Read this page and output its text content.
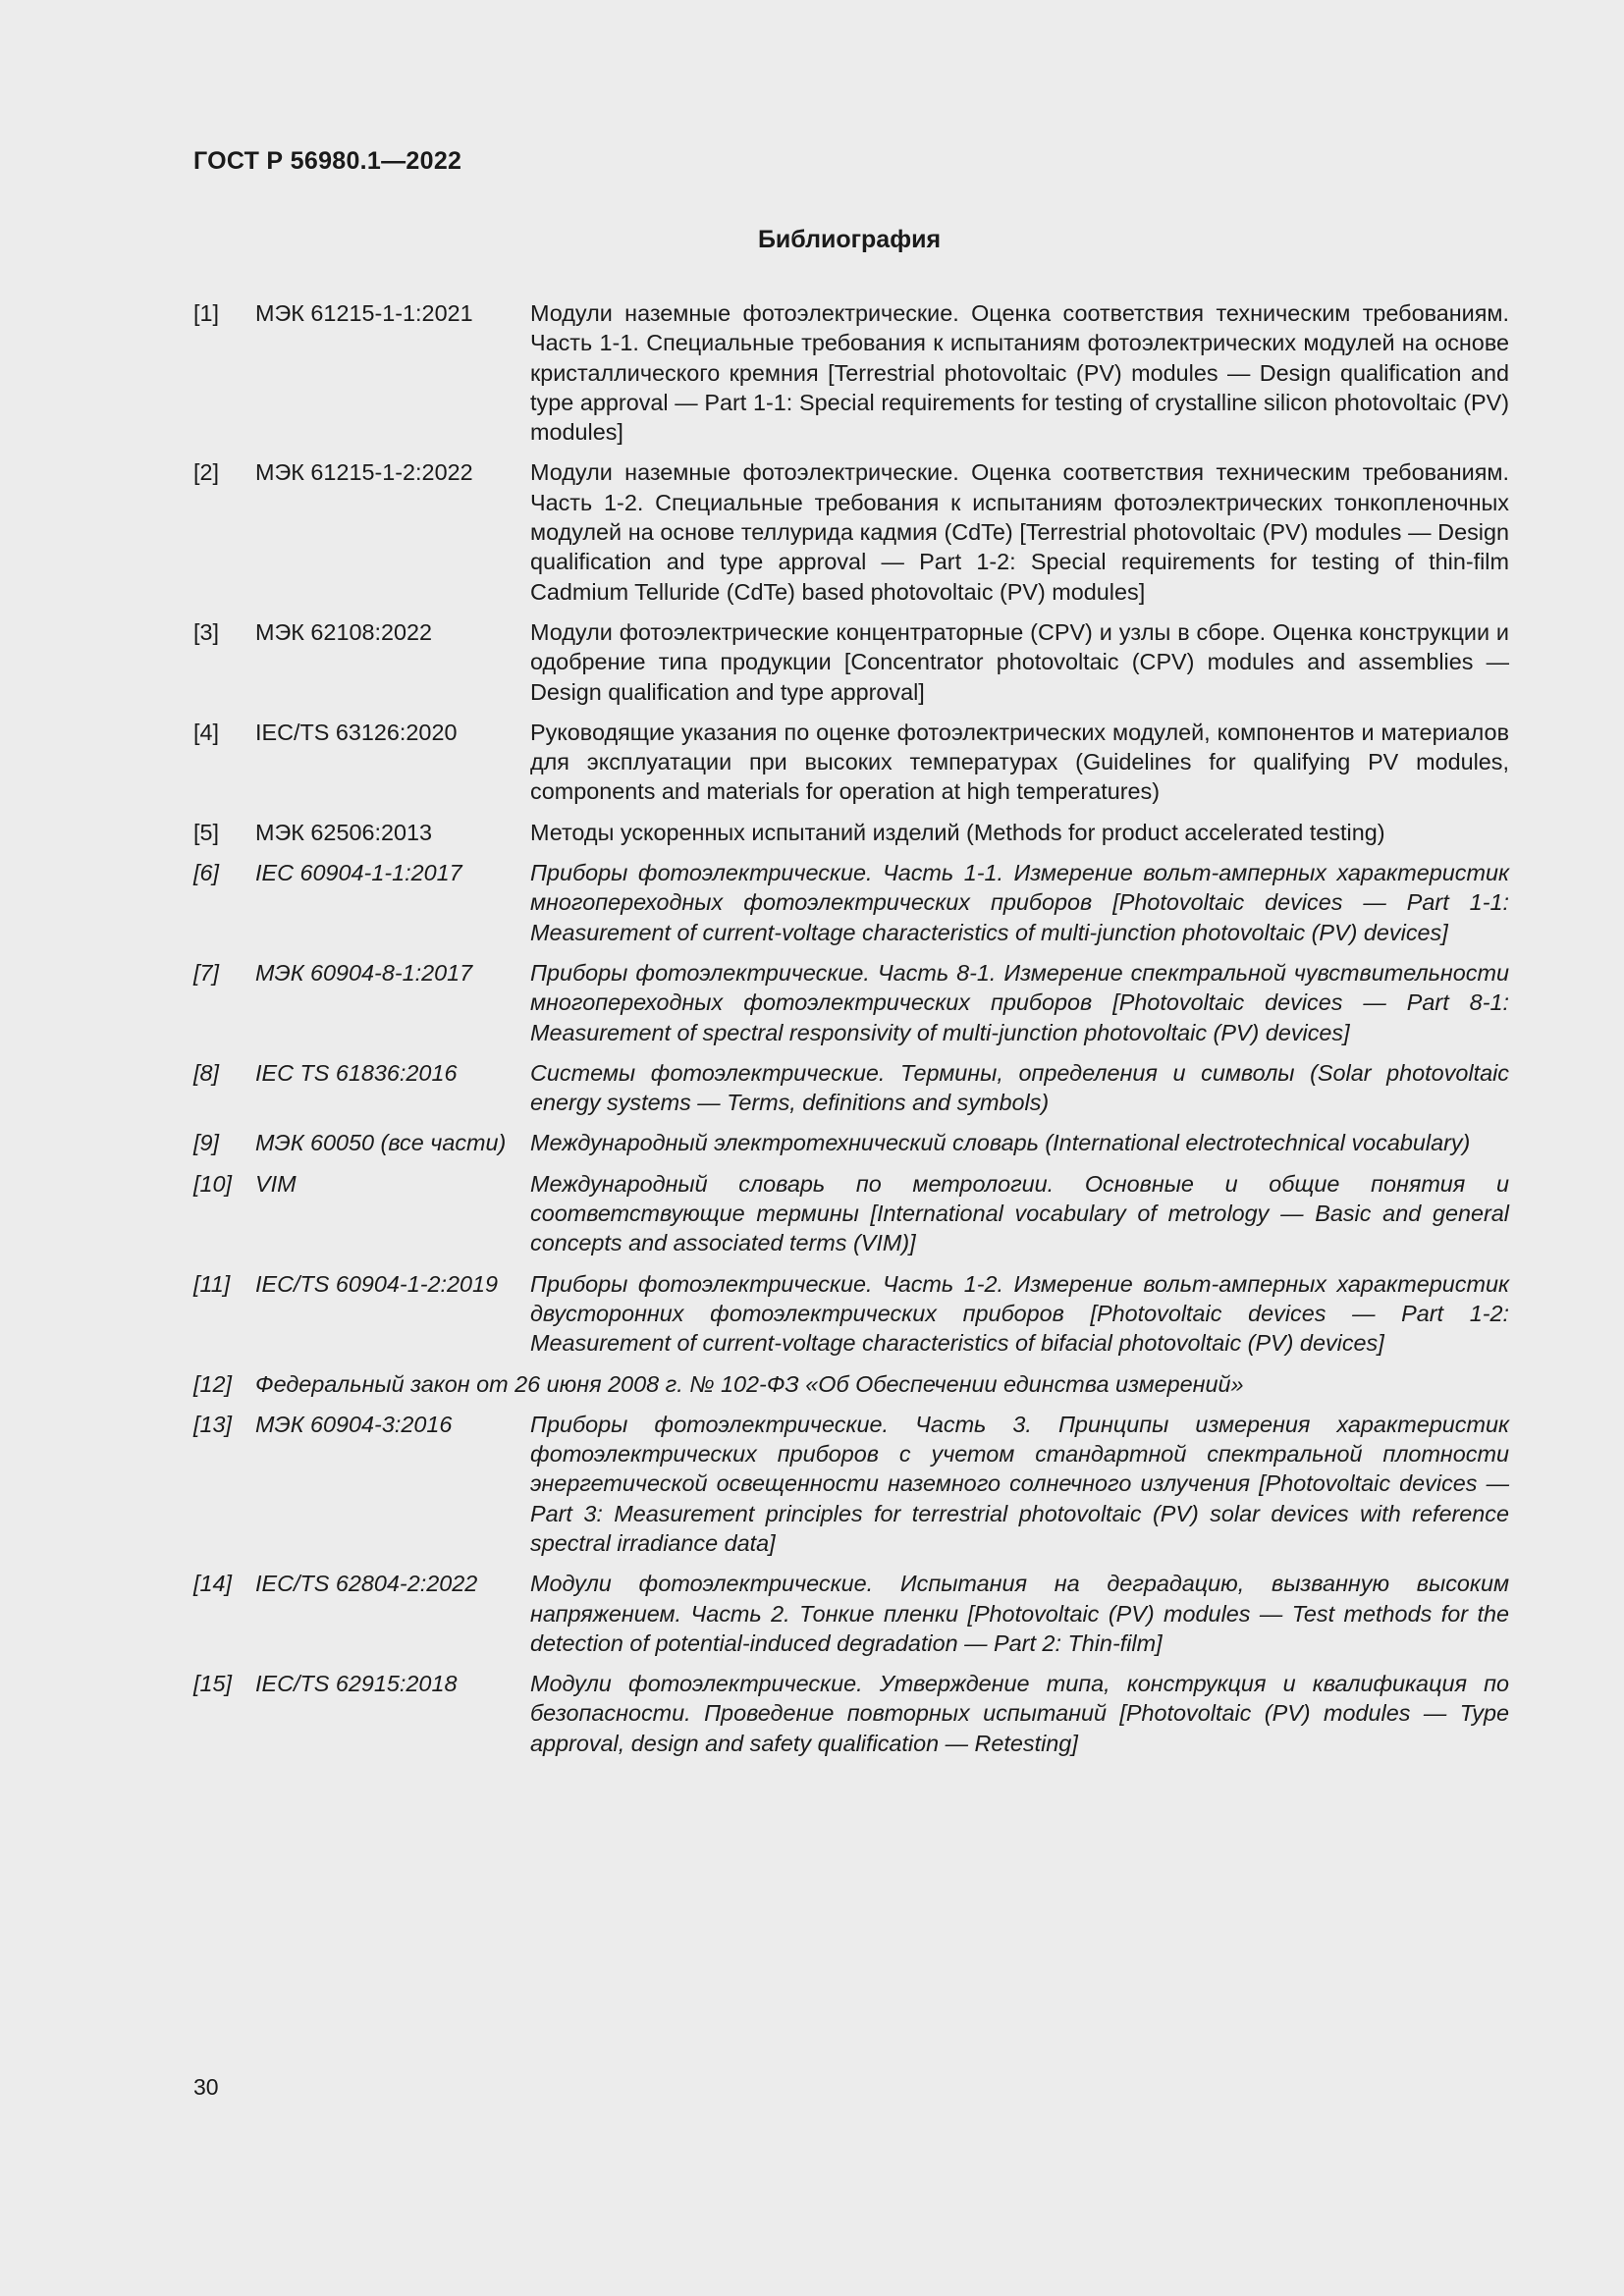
ГОСТ Р 56980.1—2022
Библиография
[1]	МЭК 61215-1-1:2021	Модули наземные фотоэлектрические. Оценка соответствия техническим требованиям. Часть 1-1. Специальные требования к испытаниям фотоэлектрических модулей на основе кристаллического кремния [Terrestrial photovoltaic (PV) modules — Design qualification and type approval — Part 1-1: Special requirements for testing of crystalline silicon photovoltaic (PV) modules]
[2]	МЭК 61215-1-2:2022	Модули наземные фотоэлектрические. Оценка соответствия техническим требованиям. Часть 1-2. Специальные требования к испытаниям фотоэлектрических тонкопленочных модулей на основе теллурида кадмия (CdTe) [Terrestrial photovoltaic (PV) modules — Design qualification and type approval — Part 1-2: Special requirements for testing of thin-film Cadmium Telluride (CdTe) based photovoltaic (PV) modules]
[3]	МЭК 62108:2022	Модули фотоэлектрические концентраторные (CPV) и узлы в сборе. Оценка конструкции и одобрение типа продукции [Concentrator photovoltaic (CPV) modules and assemblies — Design qualification and type approval]
[4]	IEC/TS 63126:2020	Руководящие указания по оценке фотоэлектрических модулей, компонентов и материалов для эксплуатации при высоких температурах (Guidelines for qualifying PV modules, components and materials for operation at high temperatures)
[5]	МЭК 62506:2013	Методы ускоренных испытаний изделий (Methods for product accelerated testing)
[6]	IEC 60904-1-1:2017	Приборы фотоэлектрические. Часть 1-1. Измерение вольт-амперных характеристик многопереходных фотоэлектрических приборов [Photovoltaic devices — Part 1-1: Measurement of current-voltage characteristics of multi-junction photovoltaic (PV) devices]
[7]	МЭК 60904-8-1:2017	Приборы фотоэлектрические. Часть 8-1. Измерение спектральной чувствительности многопереходных фотоэлектрических приборов [Photovoltaic devices — Part 8-1: Measurement of spectral responsivity of multi-junction photovoltaic (PV) devices]
[8]	IEC TS 61836:2016	Системы фотоэлектрические. Термины, определения и символы (Solar photovoltaic energy systems — Terms, definitions and symbols)
[9]	МЭК 60050 (все части)	Международный электротехнический словарь (International electrotechnical vocabulary)
[10]	VIM	Международный словарь по метрологии. Основные и общие понятия и соответствующие термины [International vocabulary of metrology — Basic and general concepts and associated terms (VIM)]
[11]	IEC/TS 60904-1-2:2019	Приборы фотоэлектрические. Часть 1-2. Измерение вольт-амперных характеристик двусторонних фотоэлектрических приборов [Photovoltaic devices — Part 1-2: Measurement of current-voltage characteristics of bifacial photovoltaic (PV) devices]
[12]	Федеральный закон от 26 июня 2008 г. № 102-ФЗ «Об Обеспечении единства измерений»
[13]	МЭК 60904-3:2016	Приборы фотоэлектрические. Часть 3. Принципы измерения характеристик фотоэлектрических приборов с учетом стандартной спектральной плотности энергетической освещенности наземного солнечного излучения [Photovoltaic devices — Part 3: Measurement principles for terrestrial photovoltaic (PV) solar devices with reference spectral irradiance data]
[14]	IEC/TS 62804-2:2022	Модули фотоэлектрические. Испытания на деградацию, вызванную высоким напряжением. Часть 2. Тонкие пленки [Photovoltaic (PV) modules — Test methods for the detection of potential-induced degradation — Part 2: Thin-film]
[15]	IEC/TS 62915:2018	Модули фотоэлектрические. Утверждение типа, конструкция и квалификация по безопасности. Проведение повторных испытаний [Photovoltaic (PV) modules — Type approval, design and safety qualification — Retesting]
30
